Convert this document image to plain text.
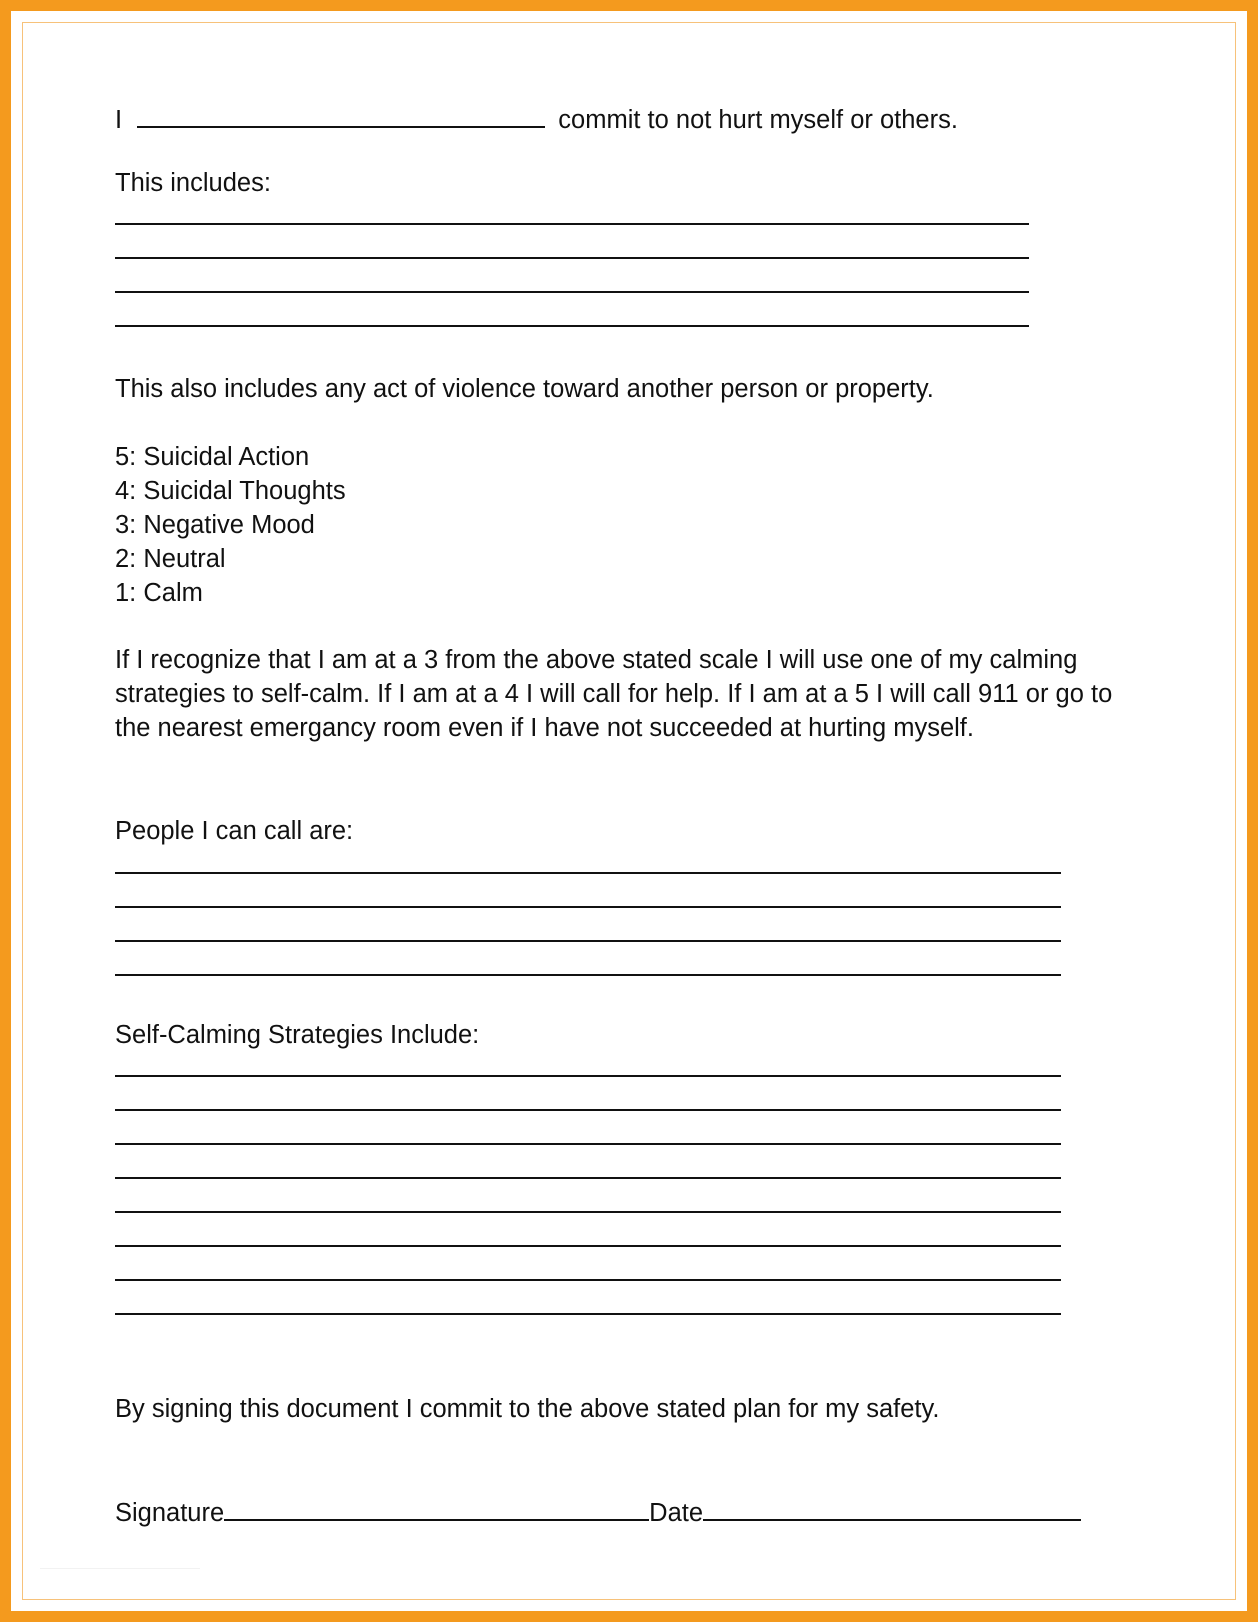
I	commit to not hurt myself or others.
This includes:
This also includes any act of violence toward another person or property.
5: Suicidal Action
4: Suicidal Thoughts
3: Negative Mood
2: Neutral
1: Calm
If I recognize that I am at a 3 from the above stated scale I will use one of my calming strategies to self-calm. If I am at a 4 I will call for help. If I am at a 5 I will call 911 or go to the nearest emergancy room even if I have not succeeded at hurting myself.
People I can call are:
Self-Calming Strategies Include:
By signing this document I commit to the above stated plan for my safety.
Signature	Date
